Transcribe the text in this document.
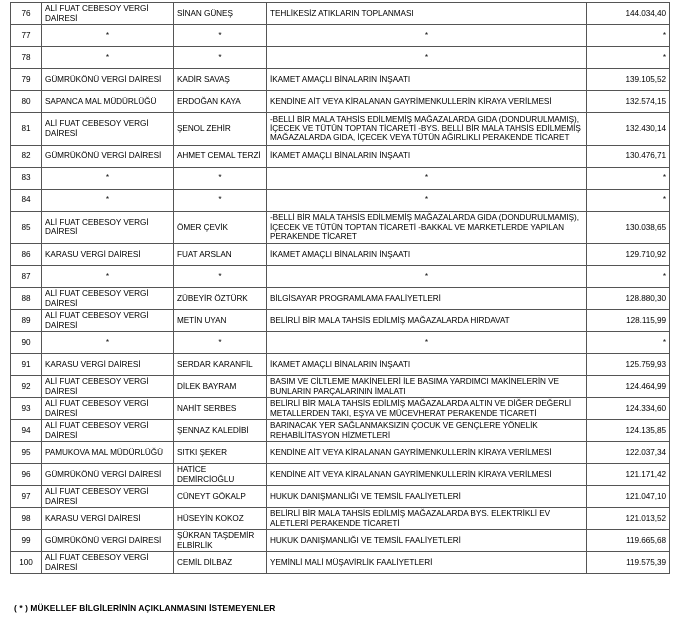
76	ALİ FUAT CEBESOY VERGİ DAİRESİ	SİNAN GÜNEŞ	TEHLİKESİZ ATIKLARIN TOPLANMASI	144.034,40
77	*	*	*	*
78	*	*	*	*
79	GÜMRÜKÖNÜ VERGİ DAİRESİ	KADİR SAVAŞ	İKAMET AMAÇLI BİNALARIN İNŞAATI	139.105,52
80	SAPANCA MAL MÜDÜRLÜĞÜ	ERDOĞAN KAYA	KENDİNE AİT VEYA KİRALANAN GAYRİMENKULLERİN KİRAYA VERİLMESİ	132.574,15
81	ALİ FUAT CEBESOY VERGİ DAİRESİ	ŞENOL ZEHİR	-BELLİ BİR MALA TAHSİS EDİLMEMİŞ MAĞAZALARDA GIDA (DONDURULMAMIŞ), İÇECEK VE TÜTÜN TOPTAN TİCARETİ -BYS. BELLİ BİR MALA TAHSİS EDİLMEMİŞ MAĞAZALARDA GIDA, İÇECEK VEYA TÜTÜN AĞIRLIKLI PERAKENDE TİCARET	132.430,14
82	GÜMRÜKÖNÜ VERGİ DAİRESİ	AHMET CEMAL TERZİ	İKAMET AMAÇLI BİNALARIN İNŞAATI	130.476,71
83	*	*	*	*
84	*	*	*	*
85	ALİ FUAT CEBESOY VERGİ DAİRESİ	ÖMER ÇEVİK	-BELLİ BİR MALA TAHSİS EDİLMEMİŞ MAĞAZALARDA GIDA (DONDURULMAMIŞ), İÇECEK VE TÜTÜN TOPTAN TİCARETİ -BAKKAL VE MARKETLERDE YAPILAN PERAKENDE TİCARET	130.038,65
86	KARASU VERGİ DAİRESİ	FUAT ARSLAN	İKAMET AMAÇLI BİNALARIN İNŞAATI	129.710,92
87	*	*	*	*
88	ALİ FUAT CEBESOY VERGİ DAİRESİ	ZÜBEYİR ÖZTÜRK	BİLGİSAYAR PROGRAMLAMA FAALİYETLERİ	128.880,30
89	ALİ FUAT CEBESOY VERGİ DAİRESİ	METİN UYAN	BELİRLİ BİR MALA TAHSİS EDİLMİŞ MAĞAZALARDA HIRDAVAT	128.115,99
90	*	*	*	*
91	KARASU VERGİ DAİRESİ	SERDAR KARANFİL	İKAMET AMAÇLI BİNALARIN İNŞAATI	125.759,93
92	ALİ FUAT CEBESOY VERGİ DAİRESİ	DİLEK BAYRAM	BASIM VE CİLTLEME MAKİNELERİ İLE BASIMA YARDIMCI MAKİNELERİN VE BUNLARIN PARÇALARININ İMALATI	124.464,99
93	ALİ FUAT CEBESOY VERGİ DAİRESİ	NAHİT SERBES	BELİRLİ BİR MALA TAHSİS EDİLMİŞ MAĞAZALARDA ALTIN VE DİĞER DEĞERLİ METALLERDEN TAKI, EŞYA VE MÜCEVHERAT PERAKENDE TİCARETİ	124.334,60
94	ALİ FUAT CEBESOY VERGİ DAİRESİ	ŞENNAZ KALEDİBİ	BARINACAK YER SAĞLANMAKSIZIN ÇOCUK VE GENÇLERE YÖNELİK REHABİLİTASYON HİZMETLERİ	124.135,85
95	PAMUKOVA MAL MÜDÜRLÜĞÜ	SITKI ŞEKER	KENDİNE AİT VEYA KİRALANAN GAYRİMENKULLERİN KİRAYA VERİLMESİ	122.037,34
96	GÜMRÜKÖNÜ VERGİ DAİRESİ	HATİCE DEMİRCİOĞLU	KENDİNE AİT VEYA KİRALANAN GAYRİMENKULLERİN KİRAYA VERİLMESİ	121.171,42
97	ALİ FUAT CEBESOY VERGİ DAİRESİ	CÜNEYT GÖKALP	HUKUK DANIŞMANLIĞI VE TEMSİL FAALİYETLERİ	121.047,10
98	KARASU VERGİ DAİRESİ	HÜSEYİN KOKOZ	BELİRLİ BİR MALA TAHSİS EDİLMİŞ MAĞAZALARDA BYS. ELEKTRİKLİ EV ALETLERİ PERAKENDE TİCARETİ	121.013,52
99	GÜMRÜKÖNÜ VERGİ DAİRESİ	ŞÜKRAN TAŞDEMİR ELBİRLİK	HUKUK DANIŞMANLIĞI VE TEMSİL FAALİYETLERİ	119.665,68
100	ALİ FUAT CEBESOY VERGİ DAİRESİ	CEMİL DİLBAZ	YEMİNLİ MALİ MÜŞAVİRLİK FAALİYETLERİ	119.575,39
( * ) MÜKELLEF BİLGİLERİNİN AÇIKLANMASINI İSTEMEYENLER
